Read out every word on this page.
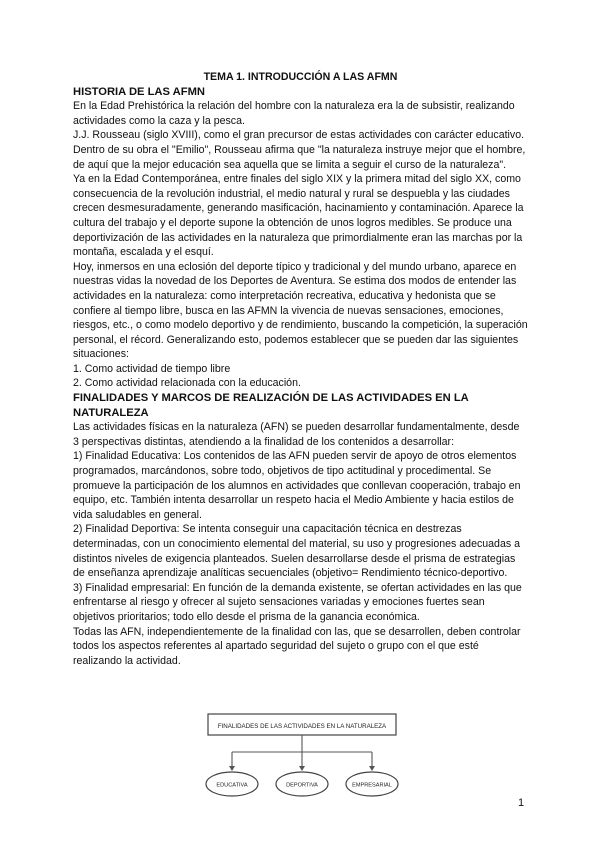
TEMA 1. INTRODUCCIÓN A LAS AFMN

HISTORIA DE LAS AFMN

En la Edad Prehistórica la relación del hombre con la naturaleza era la de subsistir, realizando actividades como la caza y la pesca.

J.J. Rousseau (siglo XVIII), como el gran precursor de estas actividades con carácter educativo. Dentro de su obra el "Emilio", Rousseau afirma que "la naturaleza instruye mejor que el hombre, de aquí que la mejor educación sea aquella que se limita a seguir el curso de la naturaleza".

Ya en la Edad Contemporánea, entre finales del siglo XIX y la primera mitad del siglo XX, como consecuencia de la revolución industrial, el medio natural y rural se despuebla y las ciudades crecen desmesuradamente, generando masificación, hacinamiento y contaminación. Aparece la cultura del trabajo y el deporte supone la obtención de unos logros medibles. Se produce una deportivización de las actividades en la naturaleza que primordialmente eran las marchas por la montaña, escalada y el esquí.

Hoy, inmersos en una eclosión del deporte típico y tradicional y del mundo urbano, aparece en nuestras vidas la novedad de los Deportes de Aventura. Se estima dos modos de entender las actividades en la naturaleza: como interpretación recreativa, educativa y hedonista que se confiere al tiempo libre, busca en las AFMN la vivencia de nuevas sensaciones, emociones, riesgos, etc., o como modelo deportivo y de rendimiento, buscando la competición, la superación personal, el récord. Generalizando esto, podemos establecer que se pueden dar las siguientes situaciones:

1. Como actividad de tiempo libre

2. Como actividad relacionada con la educación.

FINALIDADES Y MARCOS DE REALIZACIÓN DE LAS ACTIVIDADES EN LA NATURALEZA

Las actividades físicas en la naturaleza (AFN) se pueden desarrollar fundamentalmente, desde 3 perspectivas distintas, atendiendo a la finalidad de los contenidos a desarrollar:

1) Finalidad Educativa: Los contenidos de las AFN pueden servir de apoyo de otros elementos programados, marcándonos, sobre todo, objetivos de tipo actitudinal y procedimental. Se promueve la participación de los alumnos en actividades que conllevan cooperación, trabajo en equipo, etc. También intenta desarrollar un respeto hacia el Medio Ambiente y hacia estilos de vida saludables en general.

2) Finalidad Deportiva: Se intenta conseguir una capacitación técnica en destrezas determinadas, con un conocimiento elemental del material, su uso y progresiones adecuadas a distintos niveles de exigencia planteados. Suelen desarrollarse desde el prisma de estrategias de enseñanza aprendizaje analíticas secuenciales (objetivo= Rendimiento técnico-deportivo.

3) Finalidad empresarial: En función de la demanda existente, se ofertan actividades en las que enfrentarse al riesgo y ofrecer al sujeto sensaciones variadas y emociones fuertes sean objetivos prioritarios; todo ello desde el prisma de la ganancia económica.

Todas las AFN, independientemente de la finalidad con las, que se desarrollen, deben controlar todos los aspectos referentes al apartado seguridad del sujeto o grupo con el que esté realizando la actividad.

FINALIDADES DE LAS ACTIVIDADES EN LA NATURALEZA
EDUCATIVA	DEPORTIVA	EMPRESARIAL
1
